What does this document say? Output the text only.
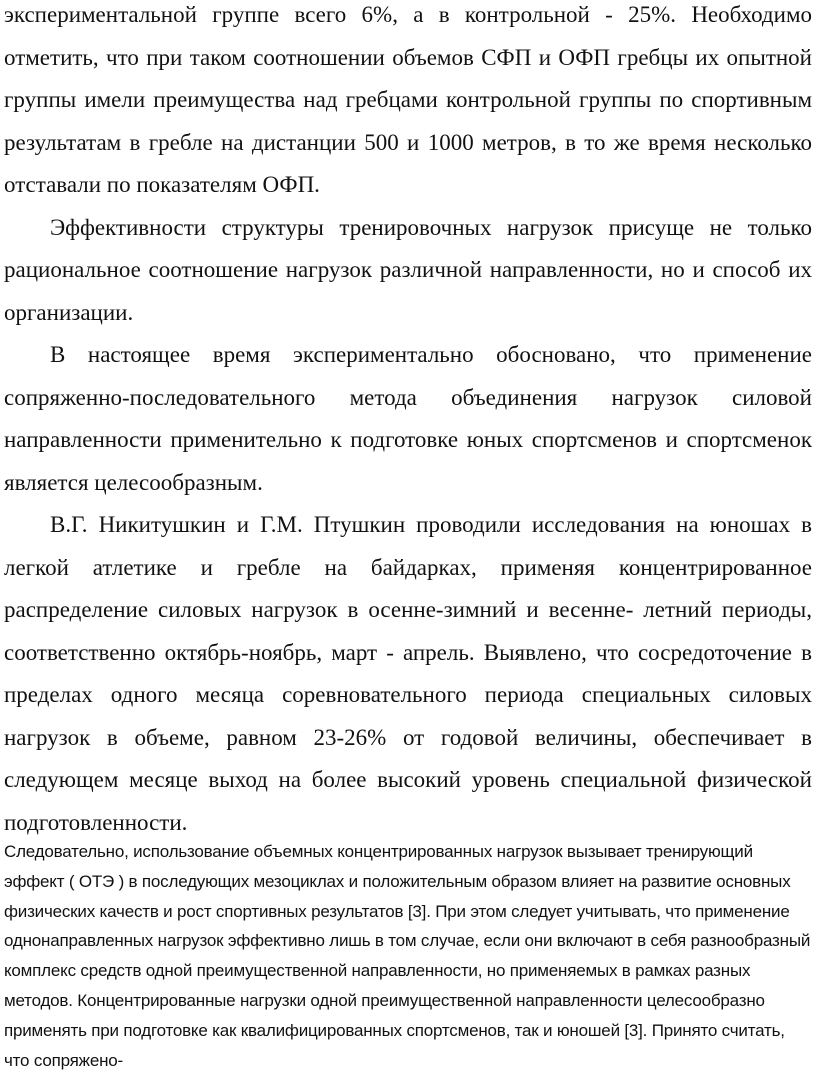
экспериментальной группе всего 6%, а в контрольной - 25%. Необходимо отметить, что при таком соотношении объемов СФП и ОФП гребцы их опытной группы имели преимущества над гребцами контрольной группы по спортивным результатам в гребле на дистанции 500 и 1000 метров, в то же время несколько отставали по показателям ОФП.

Эффективности структуры тренировочных нагрузок присуще не только рациональное соотношение нагрузок различной направленности, но и способ их организации.

В настоящее время экспериментально обосновано, что применение сопряженно-последовательного метода объединения нагрузок силовой направленности применительно к подготовке юных спортсменов и спортсменок является целесообразным.

В.Г. Никитушкин и Г.М. Птушкин проводили исследования на юношах в легкой атлетике и гребле на байдарках, применяя концентрированное распределение силовых нагрузок в осенне-зимний и весенне- летний периоды, соответственно октябрь-ноябрь, март - апрель. Выявлено, что сосредоточение в пределах одного месяца соревновательного периода специальных силовых нагрузок в объеме, равном 23-26% от годовой величины, обеспечивает в следующем месяце выход на более высокий уровень специальной физической подготовленности.

Следовательно, использование объемных концентрированных нагрузок вызывает тренирующий эффект ( ОТЭ ) в последующих мезоциклах и положительным образом влияет на развитие основных физических качеств и рост спортивных результатов [3]. При этом следует учитывать, что применение однонаправленных нагрузок эффективно лишь в том случае, если они включают в себя разнообразный комплекс средств одной преимущественной направленности, но применяемых в рамках разных методов. Концентрированные нагрузки одной преимущественной направленности целесообразно применять при подготовке как квалифицированных спортсменов, так и юношей [3]. Принято считать, что сопряжено-
